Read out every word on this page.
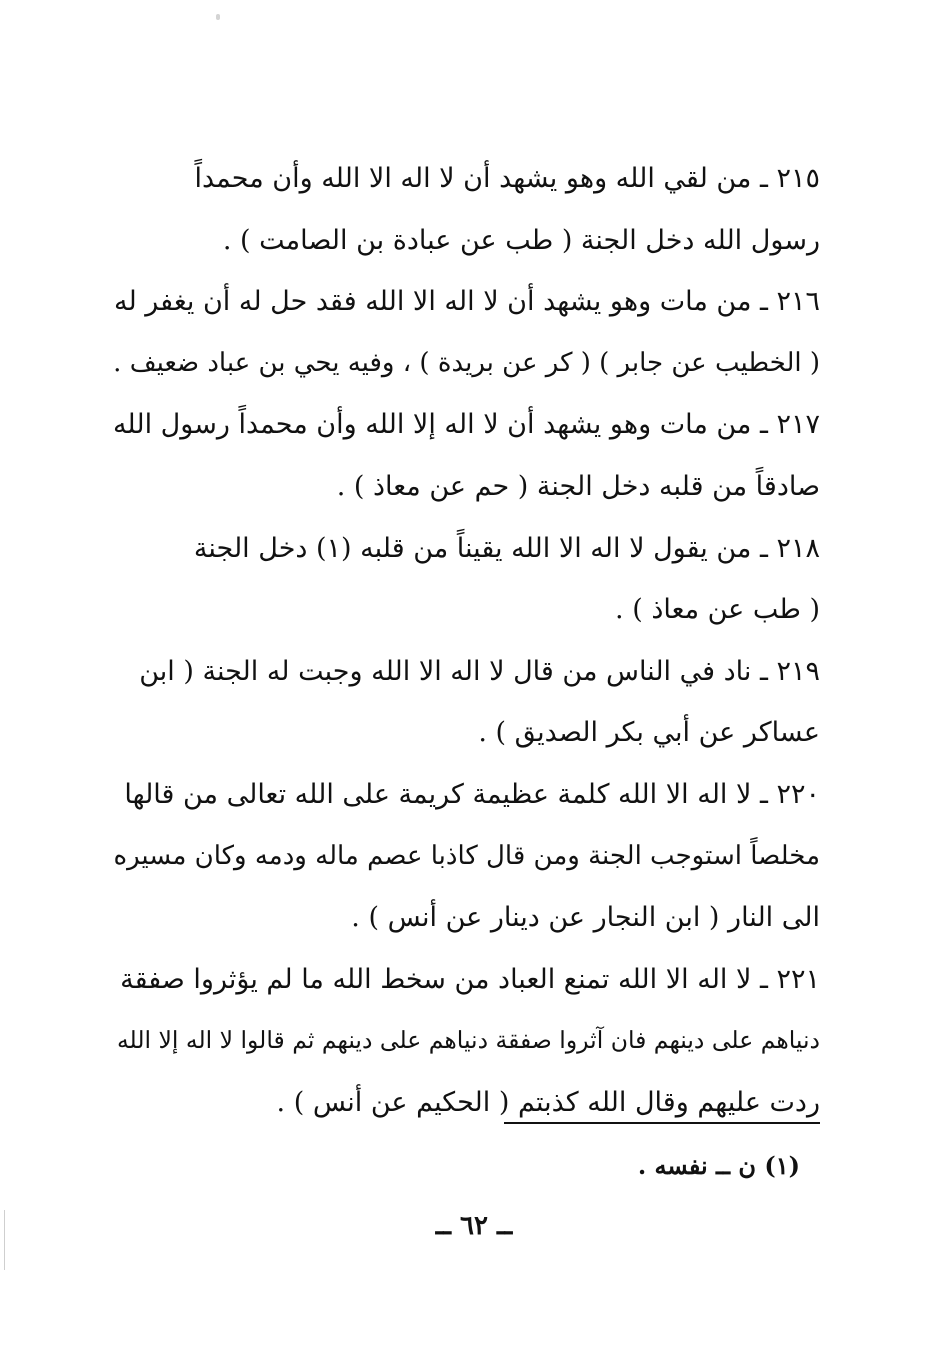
٢١٥ ـ من لقي الله وهو يشهد أن لا اله الا الله وأن محمداً
رسول الله دخل الجنة ( طب عن عبادة بن الصامت ) .
٢١٦ ـ من مات وهو يشهد أن لا اله الا الله فقد حل له أن يغفر له
( الخطيب عن جابر ) ( كر عن بريدة ) ، وفيه يحي بن عباد ضعيف .
٢١٧ ـ من مات وهو يشهد أن لا اله إلا الله وأن محمداً رسول الله
صادقاً من قلبه دخل الجنة ( حم عن معاذ ) .
٢١٨ ـ من يقول لا اله الا الله يقيناً من قلبه (١) دخل الجنة
( طب عن معاذ ) .
٢١٩ ـ ناد في الناس من قال لا اله الا الله وجبت له الجنة ( ابن
عساكر عن أبي بكر الصديق ) .
٢٢٠ ـ لا اله الا الله كلمة عظيمة كريمة على الله تعالى من قالها
مخلصاً استوجب الجنة ومن قال كاذبا عصم ماله ودمه وكان مسيره
الى النار ( ابن النجار عن دينار عن أنس ) .
٢٢١ ـ لا اله الا الله تمنع العباد من سخط الله ما لم يؤثروا صفقة
دنياهم على دينهم فان آثروا صفقة دنياهم على دينهم ثم قالوا لا اله إلا الله
ردت عليهم وقال الله كذبتم ( الحكيم عن أنس ) .
(١) ن ــ نفسه .
ــ ٦٢ ــ
